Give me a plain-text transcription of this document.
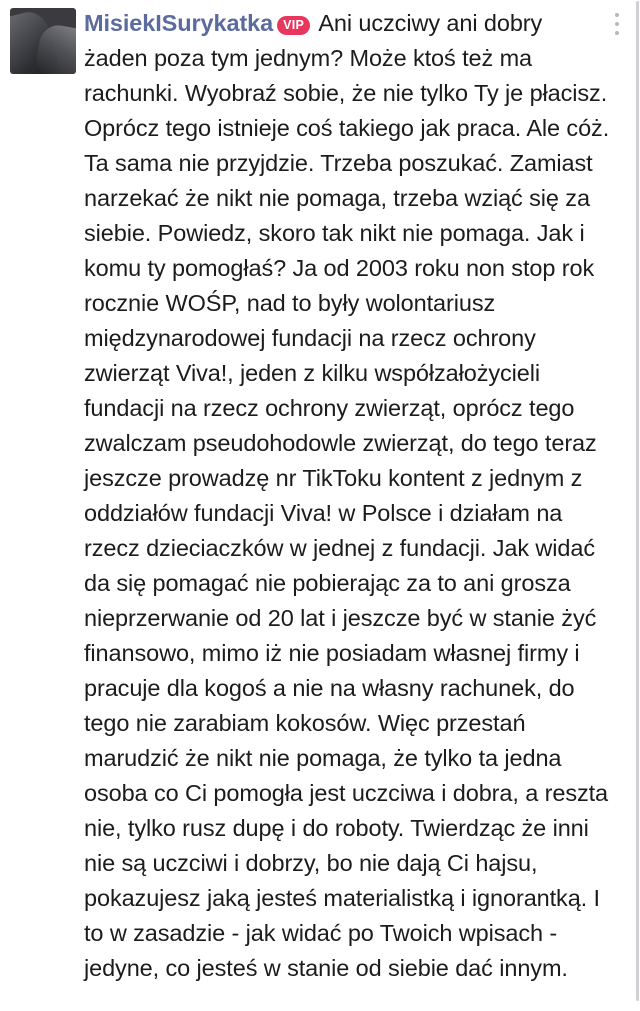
MisiekISurykatka VIP Ani uczciwy ani dobry żaden poza tym jednym? Może ktoś też ma rachunki. Wyobraź sobie, że nie tylko Ty je płacisz. Oprócz tego istnieje coś takiego jak praca. Ale cóż. Ta sama nie przyjdzie. Trzeba poszukać. Zamiast narzekać że nikt nie pomaga, trzeba wziąć się za siebie. Powiedz, skoro tak nikt nie pomaga. Jak i komu ty pomogłaś? Ja od 2003 roku non stop rok rocznie WOŚP, nad to były wolontariusz międzynarodowej fundacji na rzecz ochrony zwierząt Viva!, jeden z kilku współzałożycieli fundacji na rzecz ochrony zwierząt, oprócz tego zwalczam pseudohodowle zwierząt, do tego teraz jeszcze prowadzę nr TikToku kontent z jednym z oddziałów fundacji Viva! w Polsce i działam na rzecz dzieciaczków w jednej z fundacji. Jak widać da się pomagać nie pobierając za to ani grosza nieprzerwanie od 20 lat i jeszcze być w stanie żyć finansowo, mimo iż nie posiadam własnej firmy i pracuje dla kogoś a nie na własny rachunek, do tego nie zarabiam kokosów. Więc przestań marudzić że nikt nie pomaga, że tylko ta jedna osoba co Ci pomogła jest uczciwa i dobra, a reszta nie, tylko rusz dupę i do roboty. Twierdząc że inni nie są uczciwi i dobrzy, bo nie dają Ci hajsu, pokazujesz jaką jesteś materialistką i ignorantką. I to w zasadzie - jak widać po Twoich wpisach - jedyne, co jesteś w stanie od siebie dać innym.
